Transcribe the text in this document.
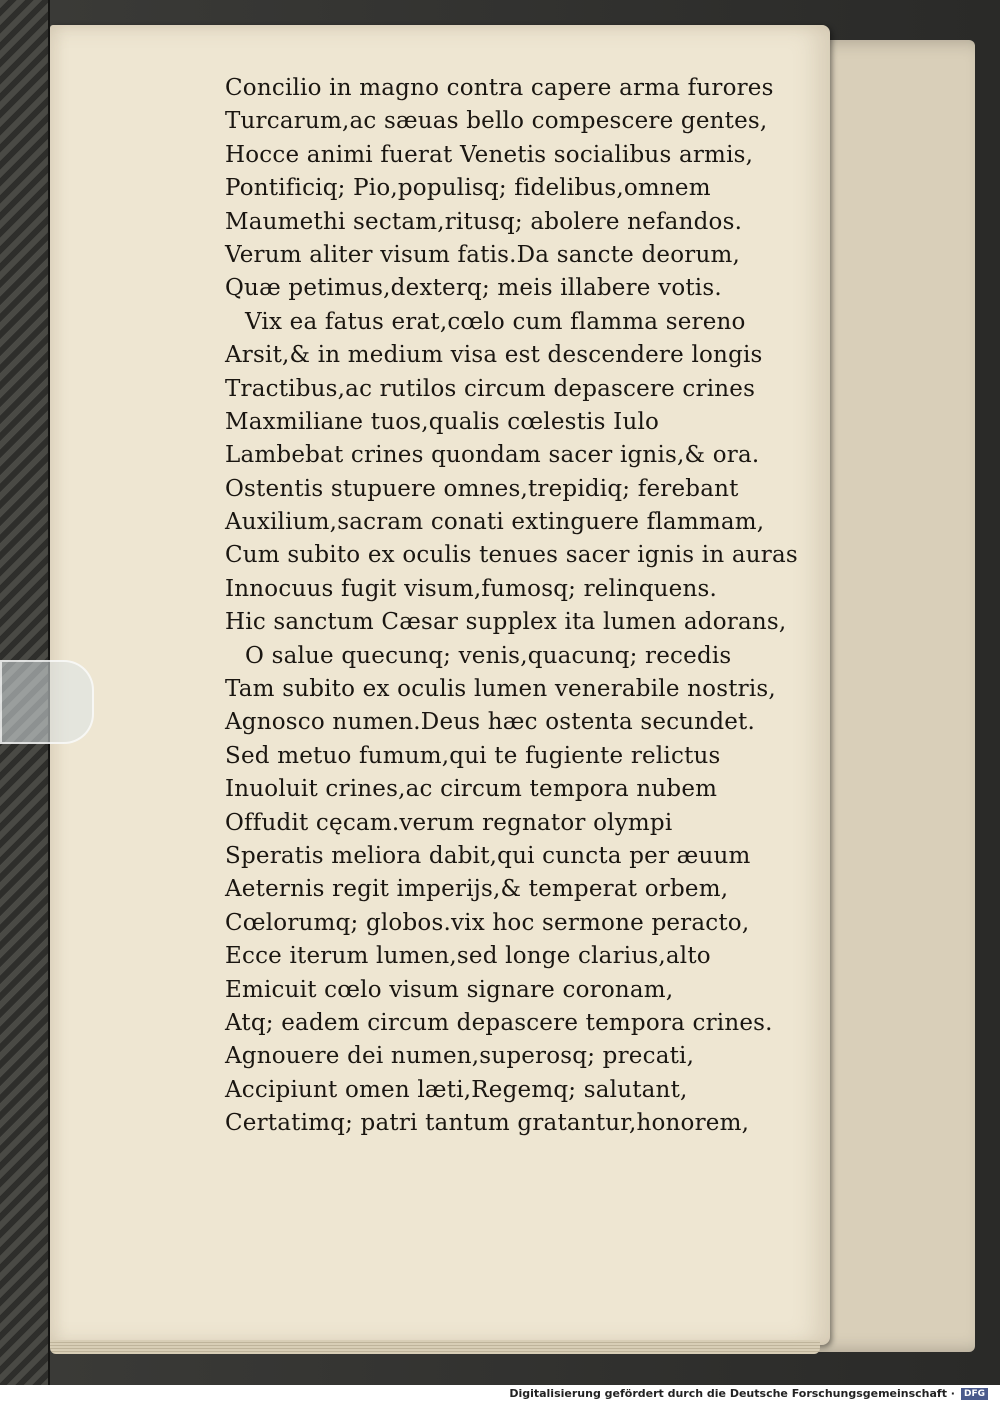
Concilio in magno contra capere arma furores
Turcarum,ac sæuas bello compescere gentes,
Hocce animi fuerat Venetis socialibus armis,
Pontificiq; Pio,populisq; fidelibus,omnem
Maumethi sectam,ritusq; abolere nefandos.
Verum aliter visum fatis.Da sancte deorum,
Quæ petimus,dexterq; meis illabere votis.
Vix ea fatus erat,cœlo cum flamma sereno
Arsit,& in medium visa est descendere longis
Tractibus,ac rutilos circum depascere crines
Maxmiliane tuos,qualis cœlestis Iulo
Lambebat crines quondam sacer ignis,& ora.
Ostentis stupuere omnes,trepidiq; ferebant
Auxilium,sacram conati extinguere flammam,
Cum subito ex oculis tenues sacer ignis in auras
Innocuus fugit visum,fumosq; relinquens.
Hic sanctum Cæsar supplex ita lumen adorans,
O salue quecunq; venis,quacunq; recedis
Tam subito ex oculis lumen venerabile nostris,
Agnosco numen.Deus hæc ostenta secundet.
Sed metuo fumum,qui te fugiente relictus
Inuoluit crines,ac circum tempora nubem
Offudit cęcam.verum regnator olympi
Speratis meliora dabit,qui cuncta per æuum
Aeternis regit imperijs,& temperat orbem,
Cœlorumq; globos.vix hoc sermone peracto,
Ecce iterum lumen,sed longe clarius,alto
Emicuit cœlo visum signare coronam,
Atq; eadem circum depascere tempora crines.
Agnouere dei numen,superosq; precati,
Accipiunt omen læti,Regemq; salutant,
Certatimq; patri tantum gratantur,honorem,
Digitalisierung gefördert durch die Deutsche Forschungsgemeinschaft · DFG
